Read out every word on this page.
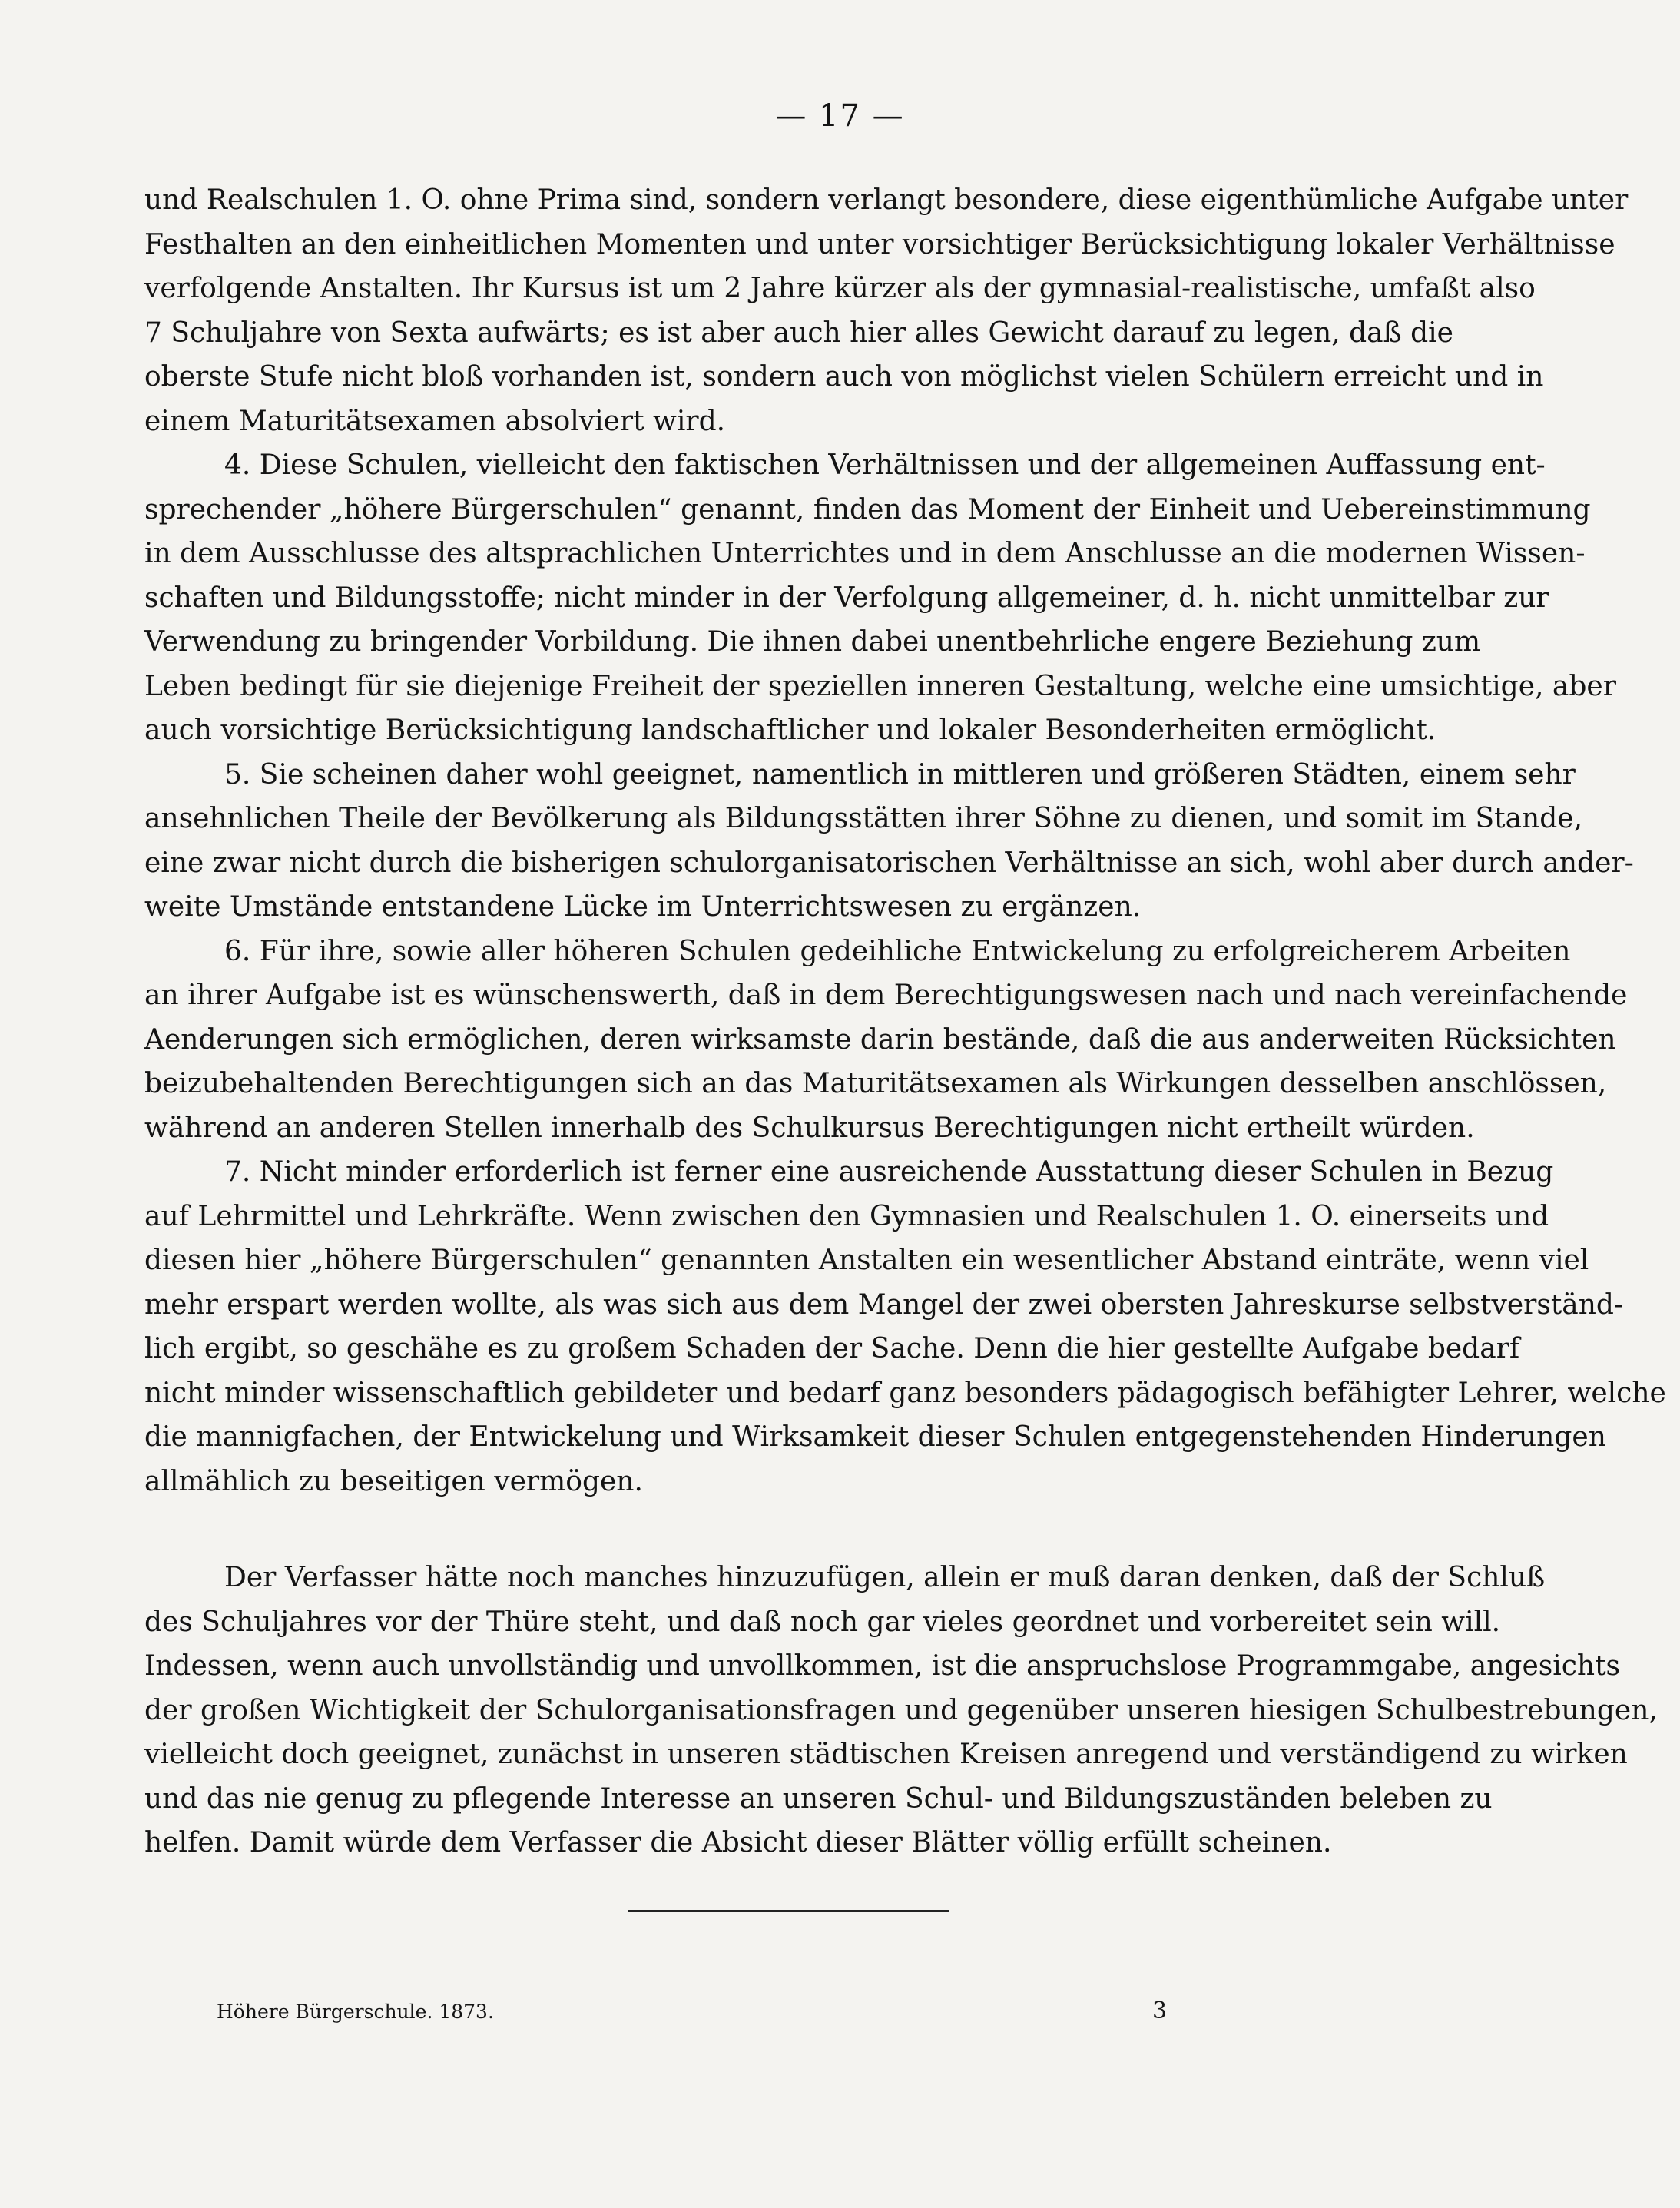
— 17 —
und Realschulen 1. O. ohne Prima sind, sondern verlangt besondere, diese eigenthümliche Aufgabe unter
Festhalten an den einheitlichen Momenten und unter vorsichtiger Berücksichtigung lokaler Verhältnisse
verfolgende Anstalten. Ihr Kursus ist um 2 Jahre kürzer als der gymnasial-realistische, umfaßt also
7 Schuljahre von Sexta aufwärts; es ist aber auch hier alles Gewicht darauf zu legen, daß die
oberste Stufe nicht bloß vorhanden ist, sondern auch von möglichst vielen Schülern erreicht und in
einem Maturitätsexamen absolviert wird.
4. Diese Schulen, vielleicht den faktischen Verhältnissen und der allgemeinen Auffassung ent-
sprechender „höhere Bürgerschulen“ genannt, finden das Moment der Einheit und Uebereinstimmung
in dem Ausschlusse des altsprachlichen Unterrichtes und in dem Anschlusse an die modernen Wissen-
schaften und Bildungsstoffe; nicht minder in der Verfolgung allgemeiner, d. h. nicht unmittelbar zur
Verwendung zu bringender Vorbildung. Die ihnen dabei unentbehrliche engere Beziehung zum
Leben bedingt für sie diejenige Freiheit der speziellen inneren Gestaltung, welche eine umsichtige, aber
auch vorsichtige Berücksichtigung landschaftlicher und lokaler Besonderheiten ermöglicht.
5. Sie scheinen daher wohl geeignet, namentlich in mittleren und größeren Städten, einem sehr
ansehnlichen Theile der Bevölkerung als Bildungsstätten ihrer Söhne zu dienen, und somit im Stande,
eine zwar nicht durch die bisherigen schulorganisatorischen Verhältnisse an sich, wohl aber durch ander-
weite Umstände entstandene Lücke im Unterrichtswesen zu ergänzen.
6. Für ihre, sowie aller höheren Schulen gedeihliche Entwickelung zu erfolgreicherem Arbeiten
an ihrer Aufgabe ist es wünschenswerth, daß in dem Berechtigungswesen nach und nach vereinfachende
Aenderungen sich ermöglichen, deren wirksamste darin bestände, daß die aus anderweiten Rücksichten
beizubehaltenden Berechtigungen sich an das Maturitätsexamen als Wirkungen desselben anschlössen,
während an anderen Stellen innerhalb des Schulkursus Berechtigungen nicht ertheilt würden.
7. Nicht minder erforderlich ist ferner eine ausreichende Ausstattung dieser Schulen in Bezug
auf Lehrmittel und Lehrkräfte. Wenn zwischen den Gymnasien und Realschulen 1. O. einerseits und
diesen hier „höhere Bürgerschulen“ genannten Anstalten ein wesentlicher Abstand einträte, wenn viel
mehr erspart werden wollte, als was sich aus dem Mangel der zwei obersten Jahreskurse selbstverständ-
lich ergibt, so geschähe es zu großem Schaden der Sache. Denn die hier gestellte Aufgabe bedarf
nicht minder wissenschaftlich gebildeter und bedarf ganz besonders pädagogisch befähigter Lehrer, welche
die mannigfachen, der Entwickelung und Wirksamkeit dieser Schulen entgegenstehenden Hinderungen
allmählich zu beseitigen vermögen.
Der Verfasser hätte noch manches hinzuzufügen, allein er muß daran denken, daß der Schluß
des Schuljahres vor der Thüre steht, und daß noch gar vieles geordnet und vorbereitet sein will.
Indessen, wenn auch unvollständig und unvollkommen, ist die anspruchslose Programmgabe, angesichts
der großen Wichtigkeit der Schulorganisationsfragen und gegenüber unseren hiesigen Schulbestrebungen,
vielleicht doch geeignet, zunächst in unseren städtischen Kreisen anregend und verständigend zu wirken
und das nie genug zu pflegende Interesse an unseren Schul- und Bildungszuständen beleben zu
helfen. Damit würde dem Verfasser die Absicht dieser Blätter völlig erfüllt scheinen.
Höhere Bürgerschule. 1873.	3
